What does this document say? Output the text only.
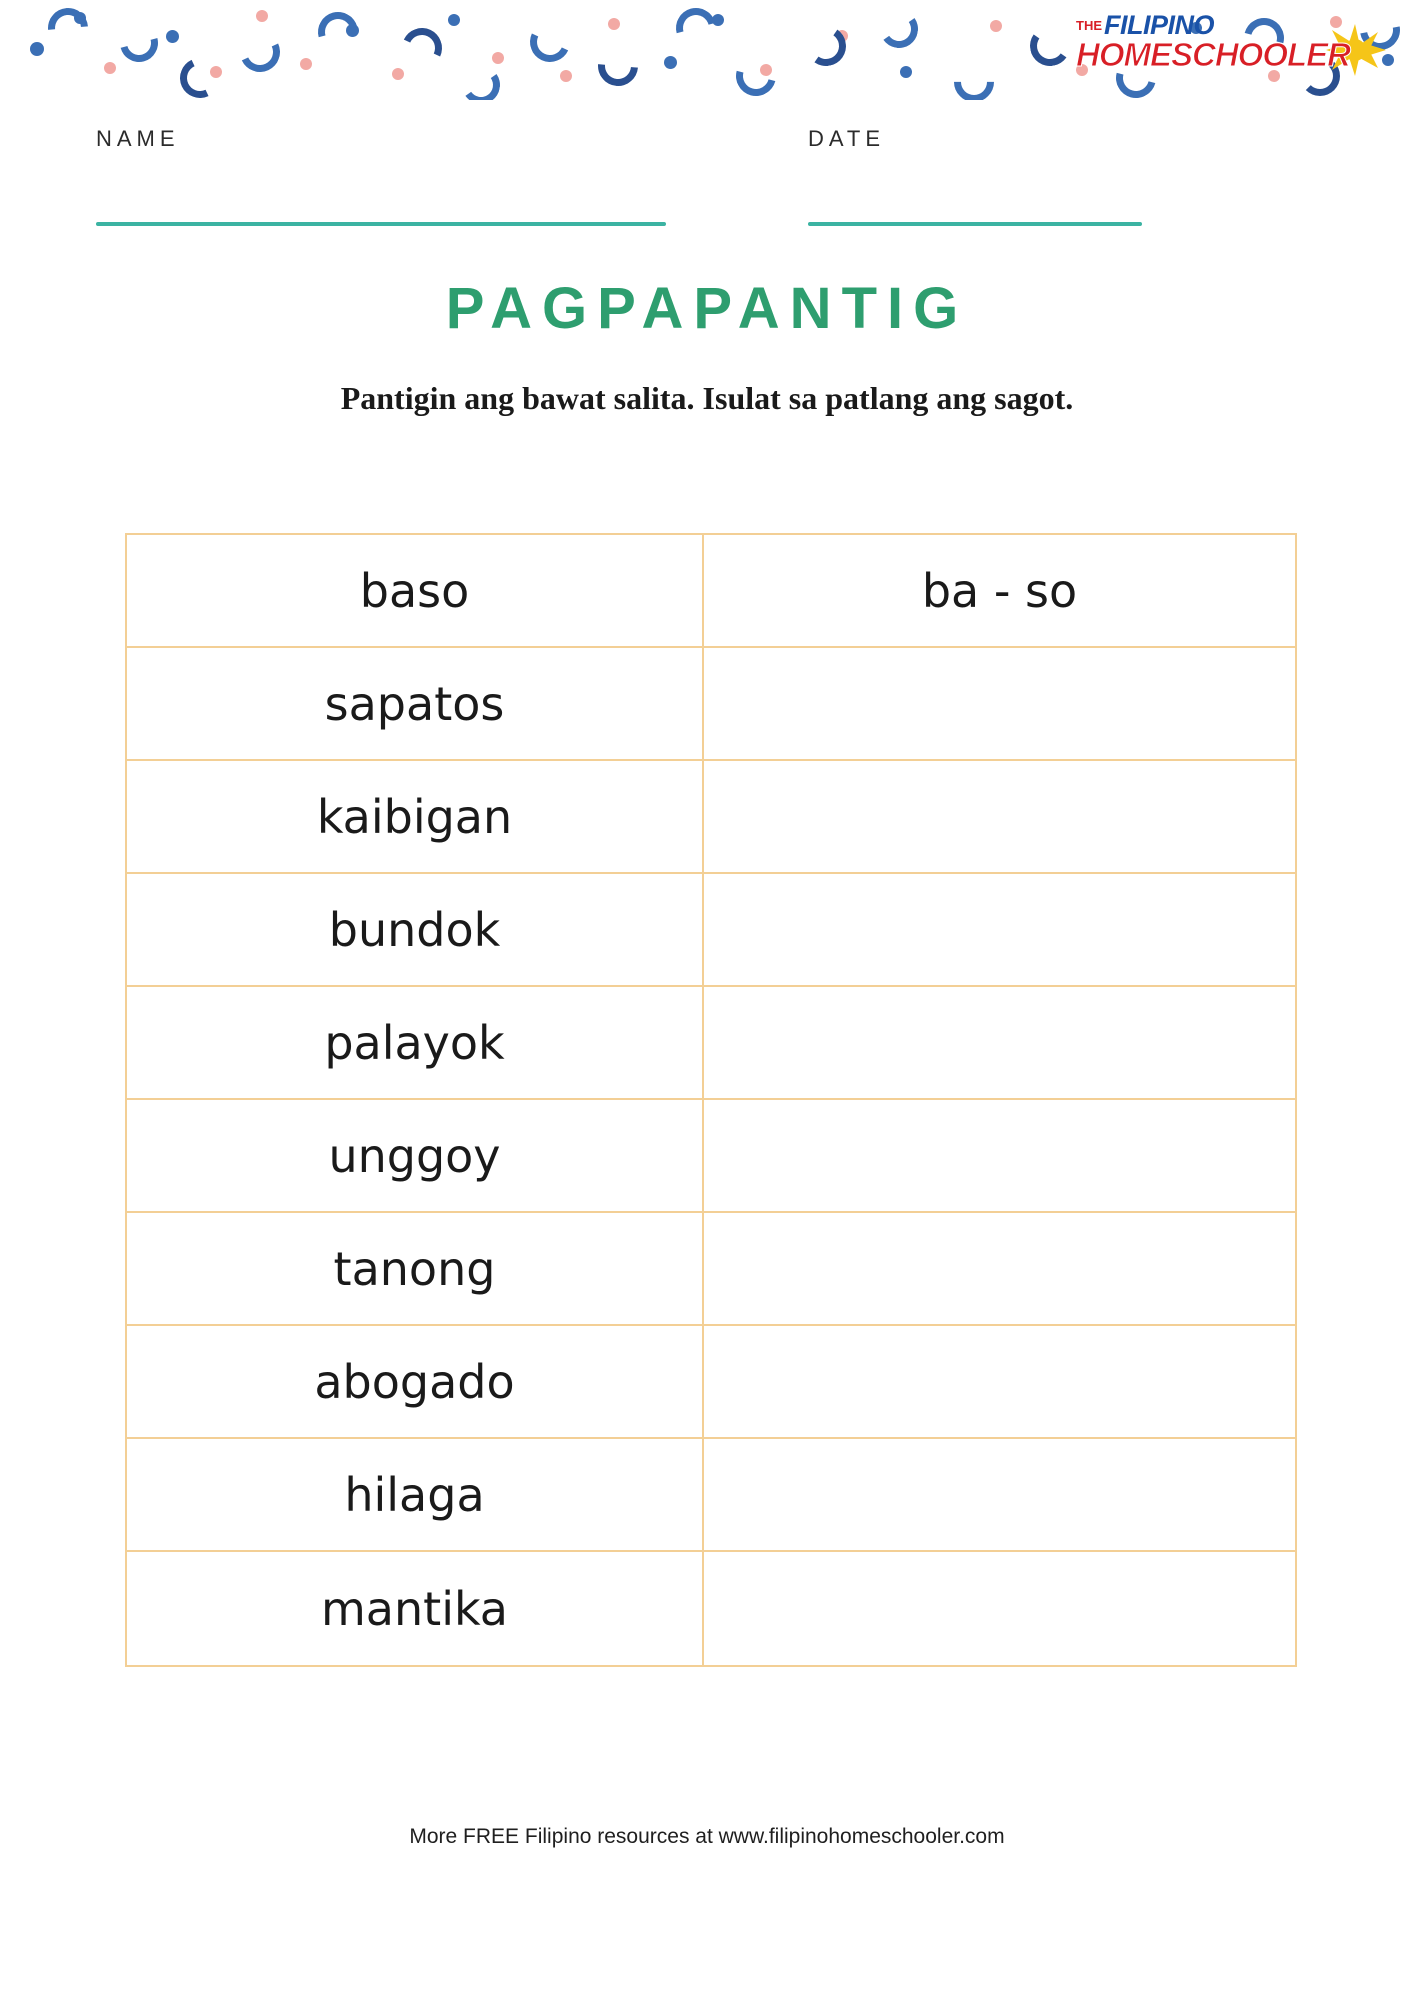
THE FILIPINO
HOMESCHOOLER
NAME	DATE
PAGPAPANTIG
Pantigin ang bawat salita. Isulat sa patlang ang sagot.
baso	ba - so
sapatos
kaibigan
bundok
palayok
unggoy
tanong
abogado
hilaga
mantika
More FREE Filipino resources at www.filipinohomeschooler.com
